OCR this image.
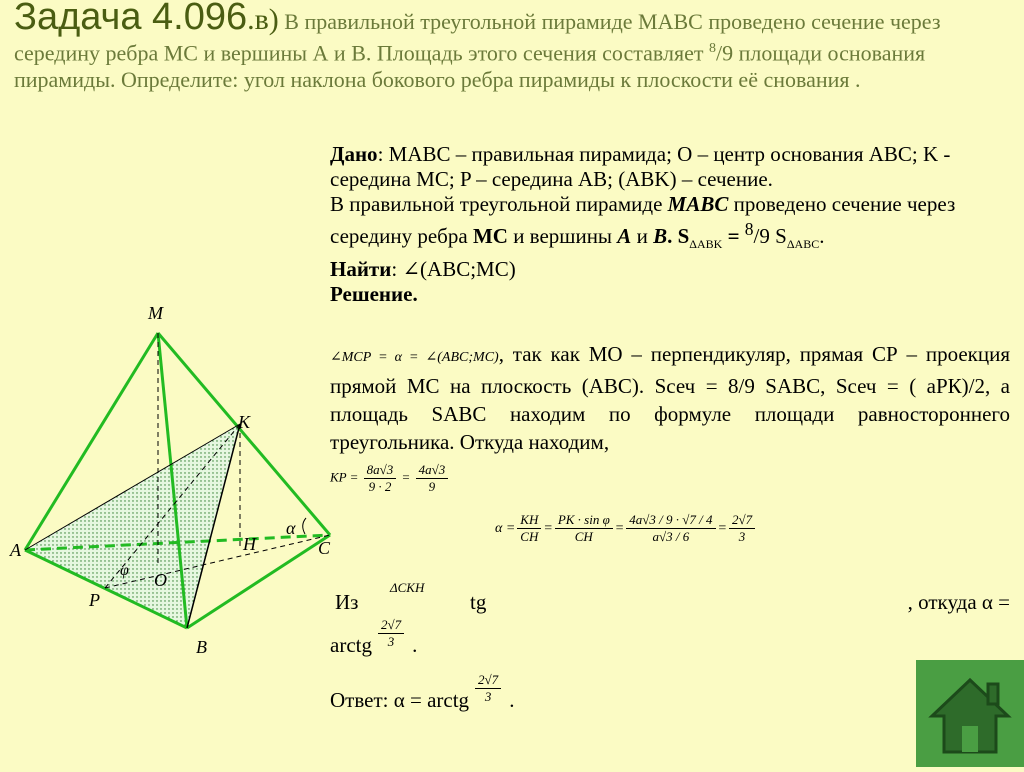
Задача 4.096.в) В правильной треугольной пирамиде МАВС проведено сечение через середину ребра МС и вершины А и В. Площадь этого сечения составляет $^8$/9 площади основания пирамиды. Определите: угол наклона бокового ребра пирамиды к плоскости её снования .
M
K
A	C
H
O
P
B
α
φ
Дано: MABC – правильная пирамида; O – центр основания ABC; K - середина MC; P – середина AB; (ABK) – сечение.
В правильной треугольной пирамиде MABC проведено сечение через середину ребра MC и вершины A и B. $S_{\Delta ABK} = ^8/9$ $S_{\Delta ABC}$.
Найти: ∠(ABC;MC)
Решение.
∠MCP = α = ∠(ABC;MC), так как МО – перпендикуляр, прямая СР – проекция прямой МС на плоскость (АВС). Sсеч = 8/9 SABC, Sсеч = ( аРК)/2, а площадь SABC находим по формуле площади равностороннего треугольника. Откуда находим,
KP = $\frac{8a√3}{9 \cdot 2} = \frac{4a√3}{9}$
$\alpha = \frac{KH}{CH} = \frac{\text{PK · sin φ}}{CH} = \frac{4a√3 / 9 \cdot √7 / 4}{a√3 / 6} = \frac{2√7}{3}$
Из
ΔCKH
tg	, откуда α =
arctg $\frac{2√7}{3}$ .
Ответ: α = arctg $\frac{2√7}{3}$ .
